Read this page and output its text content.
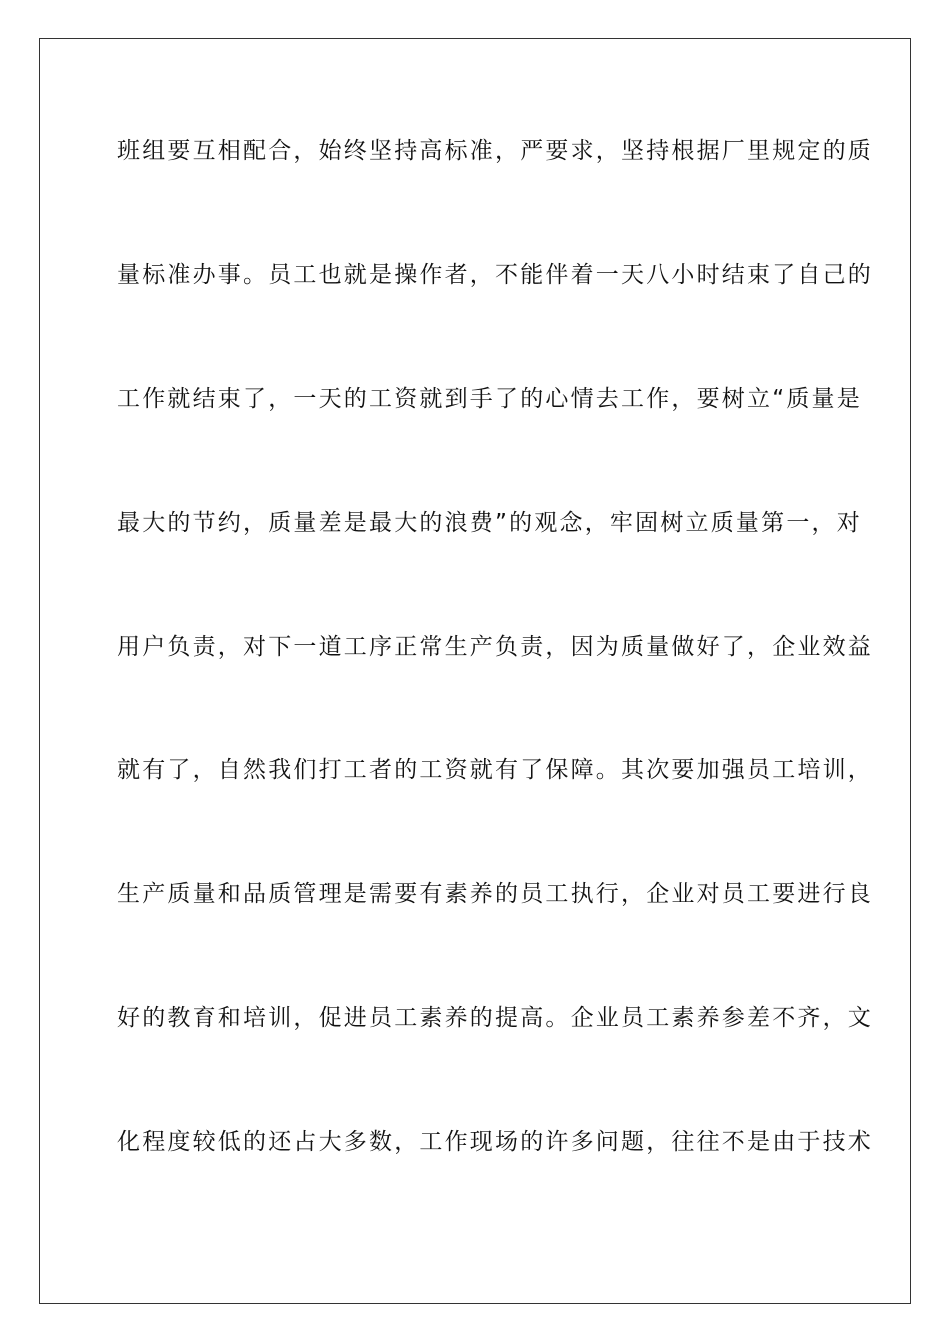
班组要互相配合，始终坚持高标准，严要求，坚持根据厂里规定的质
量标准办事。员工也就是操作者，不能伴着一天八小时结束了自己的
工作就结束了，一天的工资就到手了的心情去工作，要树立“质量是
最大的节约，质量差是最大的浪费”的观念，牢固树立质量第一，对
用户负责，对下一道工序正常生产负责，因为质量做好了，企业效益
就有了，自然我们打工者的工资就有了保障。其次要加强员工培训，
生产质量和品质管理是需要有素养的员工执行，企业对员工要进行良
好的教育和培训，促进员工素养的提高。企业员工素养参差不齐，文
化程度较低的还占大多数，工作现场的许多问题，往往不是由于技术
